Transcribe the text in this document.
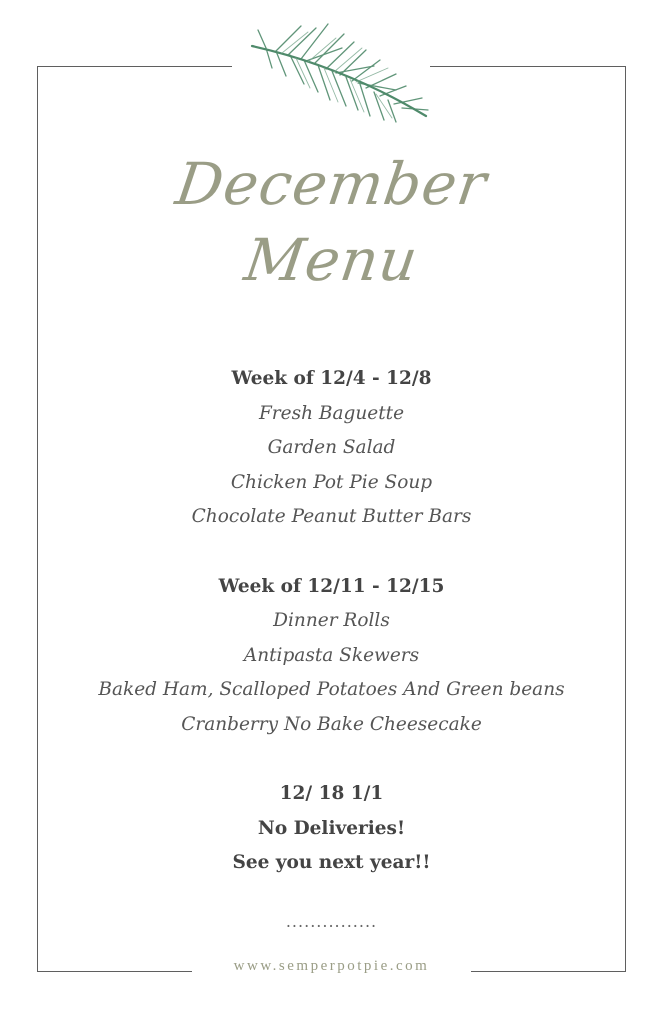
December
Menu
Week of 12/4 - 12/8
Fresh Baguette
Garden Salad
Chicken Pot Pie Soup
Chocolate Peanut Butter Bars
Week of 12/11 - 12/15
Dinner Rolls
Antipasta Skewers
Baked Ham, Scalloped Potatoes And Green beans
Cranberry No Bake Cheesecake
12/ 18 1/1
No Deliveries!
See you next year!!
...............
www.semperpotpie.com
